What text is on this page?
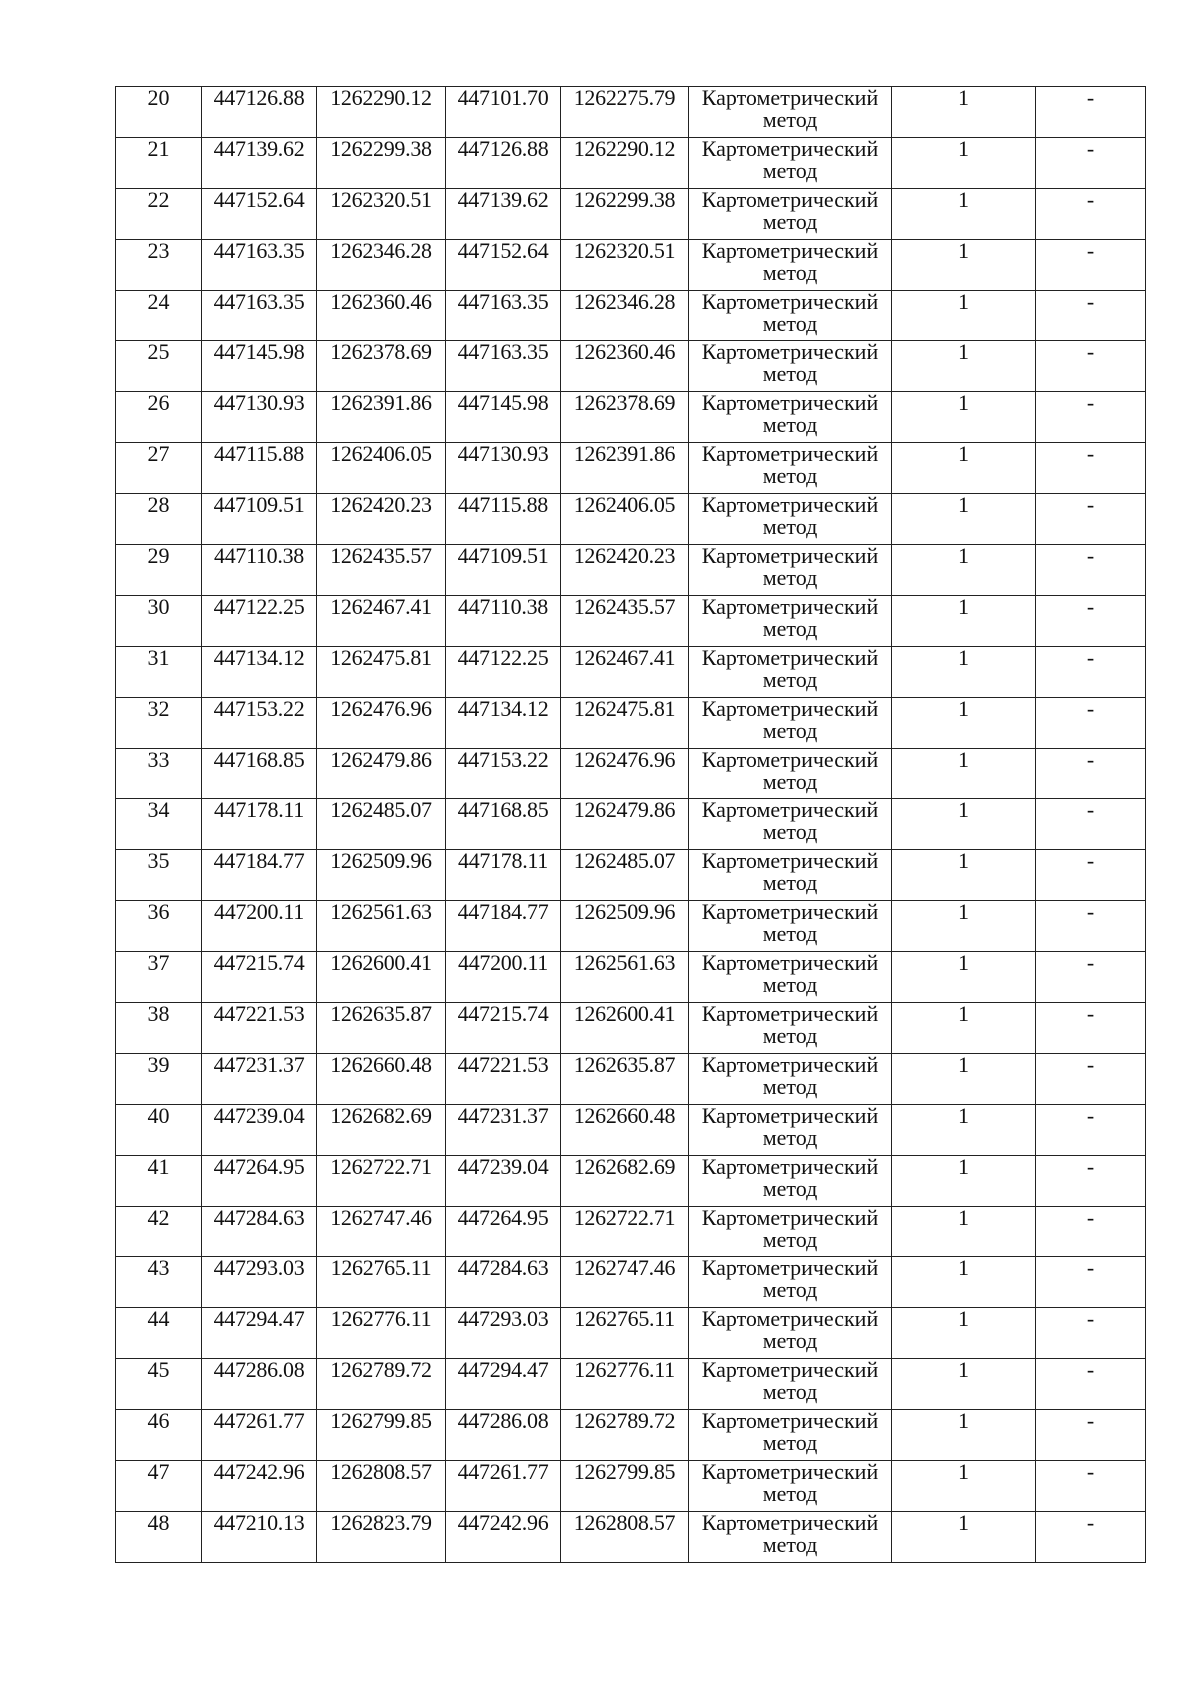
20	447126.88	1262290.12	447101.70	1262275.79	Картометрический
метод	1	-
21	447139.62	1262299.38	447126.88	1262290.12	Картометрический
метод	1	-
22	447152.64	1262320.51	447139.62	1262299.38	Картометрический
метод	1	-
23	447163.35	1262346.28	447152.64	1262320.51	Картометрический
метод	1	-
24	447163.35	1262360.46	447163.35	1262346.28	Картометрический
метод	1	-
25	447145.98	1262378.69	447163.35	1262360.46	Картометрический
метод	1	-
26	447130.93	1262391.86	447145.98	1262378.69	Картометрический
метод	1	-
27	447115.88	1262406.05	447130.93	1262391.86	Картометрический
метод	1	-
28	447109.51	1262420.23	447115.88	1262406.05	Картометрический
метод	1	-
29	447110.38	1262435.57	447109.51	1262420.23	Картометрический
метод	1	-
30	447122.25	1262467.41	447110.38	1262435.57	Картометрический
метод	1	-
31	447134.12	1262475.81	447122.25	1262467.41	Картометрический
метод	1	-
32	447153.22	1262476.96	447134.12	1262475.81	Картометрический
метод	1	-
33	447168.85	1262479.86	447153.22	1262476.96	Картометрический
метод	1	-
34	447178.11	1262485.07	447168.85	1262479.86	Картометрический
метод	1	-
35	447184.77	1262509.96	447178.11	1262485.07	Картометрический
метод	1	-
36	447200.11	1262561.63	447184.77	1262509.96	Картометрический
метод	1	-
37	447215.74	1262600.41	447200.11	1262561.63	Картометрический
метод	1	-
38	447221.53	1262635.87	447215.74	1262600.41	Картометрический
метод	1	-
39	447231.37	1262660.48	447221.53	1262635.87	Картометрический
метод	1	-
40	447239.04	1262682.69	447231.37	1262660.48	Картометрический
метод	1	-
41	447264.95	1262722.71	447239.04	1262682.69	Картометрический
метод	1	-
42	447284.63	1262747.46	447264.95	1262722.71	Картометрический
метод	1	-
43	447293.03	1262765.11	447284.63	1262747.46	Картометрический
метод	1	-
44	447294.47	1262776.11	447293.03	1262765.11	Картометрический
метод	1	-
45	447286.08	1262789.72	447294.47	1262776.11	Картометрический
метод	1	-
46	447261.77	1262799.85	447286.08	1262789.72	Картометрический
метод	1	-
47	447242.96	1262808.57	447261.77	1262799.85	Картометрический
метод	1	-
48	447210.13	1262823.79	447242.96	1262808.57	Картометрический
метод	1	-
